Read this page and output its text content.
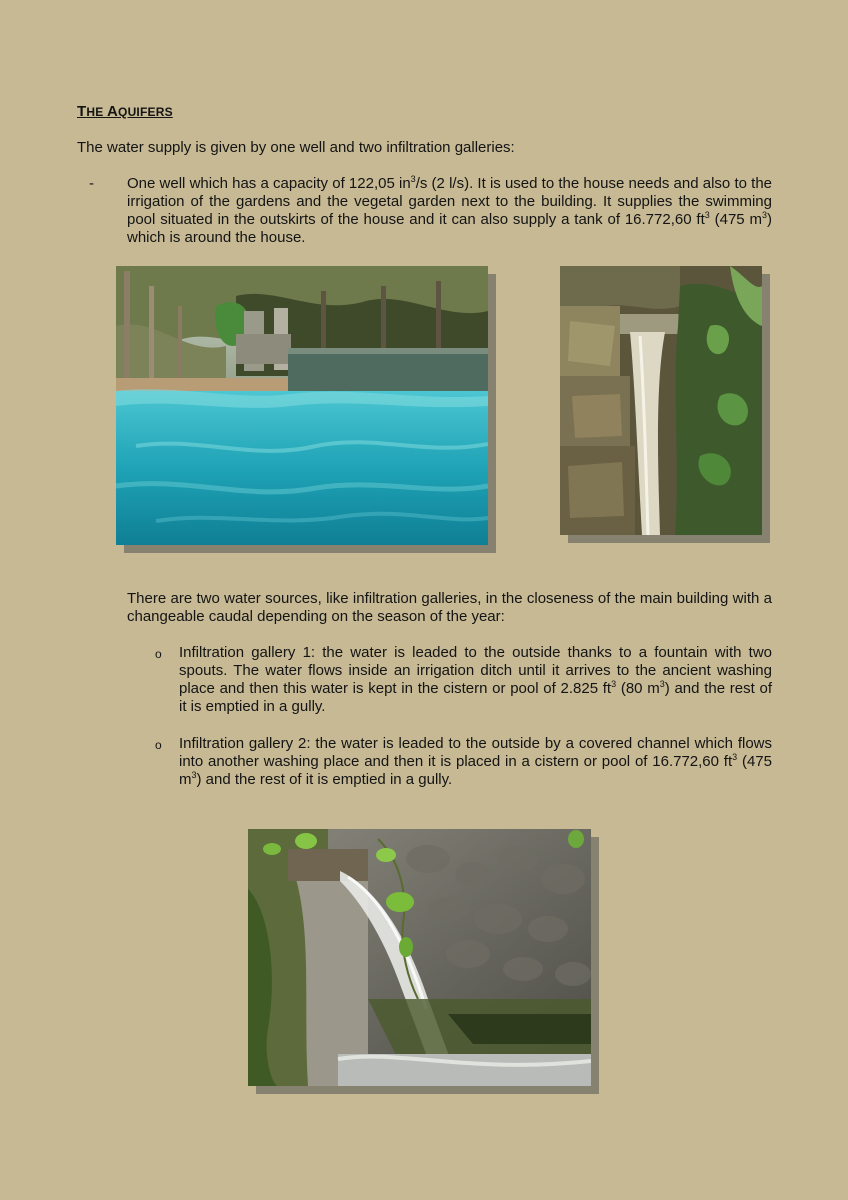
THE AQUIFERS
The water supply is given by one well and two infiltration galleries:
- One well which has a capacity of 122,05 $in^3/s$ (2 l/s). It is used to the house needs and also to the irrigation of the gardens and the vegetal garden next to the building. It supplies the swimming pool situated in the outskirts of the house and it can also supply a tank of 16.772,60 $ft^3$ (475 $m^3$) which is around the house.
There are two water sources, like infiltration galleries, in the closeness of the main building with a changeable caudal depending on the season of the year:
o Infiltration gallery 1: the water is leaded to the outside thanks to a fountain with two spouts. The water flows inside an irrigation ditch until it arrives to the ancient washing place and then this water is kept in the cistern or pool of 2.825 $ft^3$ (80 $m^3$) and the rest of it is emptied in a gully.
o Infiltration gallery 2: the water is leaded to the outside by a covered channel which flows into another washing place and then it is placed in a cistern or pool of 16.772,60 $ft^3$ (475 $m^3$) and the rest of it is emptied in a gully.
